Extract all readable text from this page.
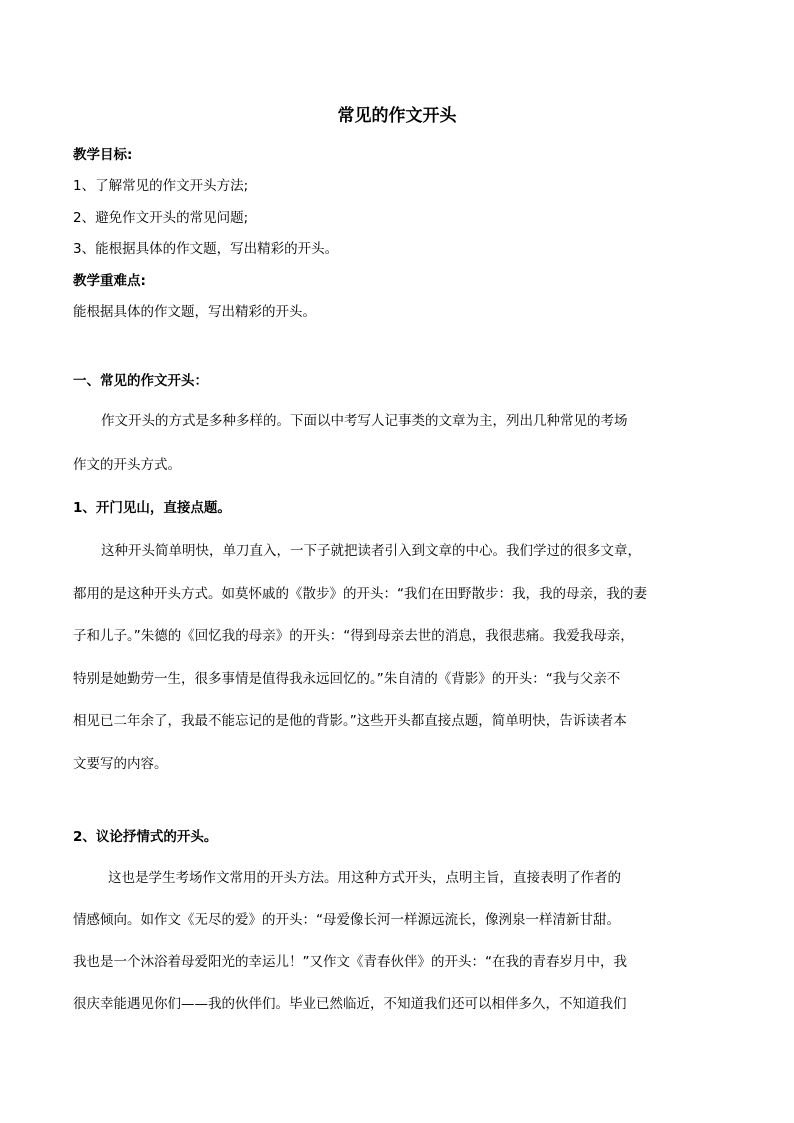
常见的作文开头
教学目标:
1、了解常见的作文开头方法;
2、避免作文开头的常见问题;
3、能根据具体的作文题，写出精彩的开头。
教学重难点:
能根据具体的作文题，写出精彩的开头。
一、常见的作文开头：
作文开头的方式是多种多样的。下面以中考写人记事类的文章为主，列出几种常见的考场
作文的开头方式。
1、开门见山，直接点题。
这种开头简单明快，单刀直入，一下子就把读者引入到文章的中心。我们学过的很多文章，
都用的是这种开头方式。如莫怀戚的《散步》的开头：“我们在田野散步：我，我的母亲，我的妻
子和儿子。”朱德的《回忆我的母亲》的开头：“得到母亲去世的消息，我很悲痛。我爱我母亲，
特别是她勤劳一生，很多事情是值得我永远回忆的。”朱自清的《背影》的开头：“我与父亲不
相见已二年余了，我最不能忘记的是他的背影。”这些开头都直接点题，简单明快，告诉读者本
文要写的内容。
2、议论抒情式的开头。
这也是学生考场作文常用的开头方法。用这种方式开头，点明主旨，直接表明了作者的
情感倾向。如作文《无尽的爱》的开头：“母爱像长河一样源远流长，像洌泉一样清新甘甜。
我也是一个沐浴着母爱阳光的幸运儿！”又作文《青春伙伴》的开头：“在我的青春岁月中，我
很庆幸能遇见你们——我的伙伴们。毕业已然临近，不知道我们还可以相伴多久，不知道我们
